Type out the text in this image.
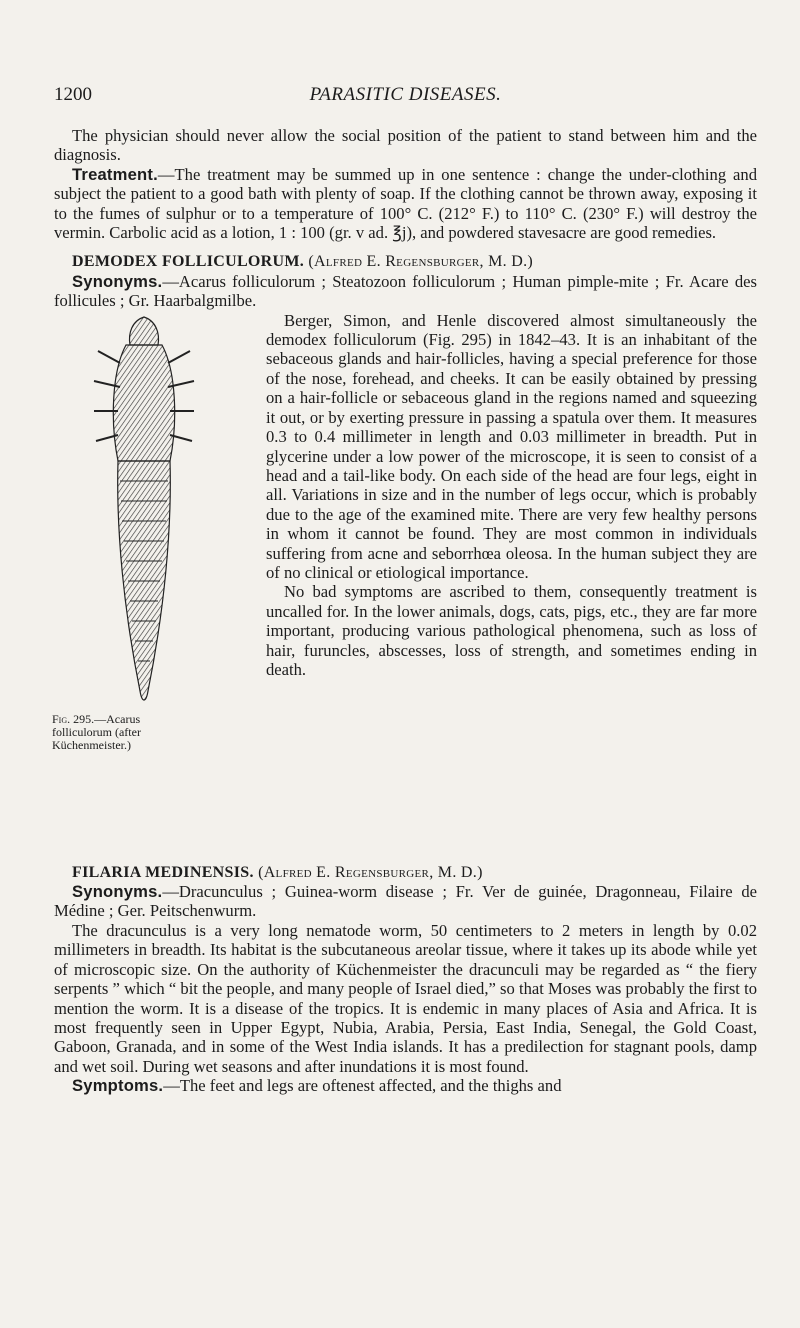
1200	PARASITIC DISEASES.

The physician should never allow the social position of the patient to stand between him and the diagnosis.

Treatment.—The treatment may be summed up in one sentence : change the under-clothing and subject the patient to a good bath with plenty of soap. If the clothing cannot be thrown away, exposing it to the fumes of sulphur or to a temperature of 100° C. (212° F.) to 110° C. (230° F.) will destroy the vermin. Carbolic acid as a lotion, 1 : 100 (gr. v ad. ℥j), and powdered stavesacre are good remedies.

DEMODEX FOLLICULORUM. (Alfred E. Regensburger, M. D.)

Synonyms.—Acarus folliculorum ; Steatozoon folliculorum ; Human pimple-mite ; Fr. Acare des follicules ; Gr. Haarbalgmilbe.

Fig. 295.—Acarus folliculorum (after Küchenmeister.)

Berger, Simon, and Henle discovered almost simultaneously the demodex folliculorum (Fig. 295) in 1842–43. It is an inhabitant of the sebaceous glands and hair-follicles, having a special preference for those of the nose, forehead, and cheeks. It can be easily obtained by pressing on a hair-follicle or sebaceous gland in the regions named and squeezing it out, or by exerting pressure in passing a spatula over them. It measures 0.3 to 0.4 millimeter in length and 0.03 millimeter in breadth. Put in glycerine under a low power of the microscope, it is seen to consist of a head and a tail-like body. On each side of the head are four legs, eight in all. Variations in size and in the number of legs occur, which is probably due to the age of the examined mite. There are very few healthy persons in whom it cannot be found. They are most common in individuals suffering from acne and seborrhœa oleosa. In the human subject they are of no clinical or etiological importance.

No bad symptoms are ascribed to them, consequently treatment is uncalled for. In the lower animals, dogs, cats, pigs, etc., they are far more important, producing various pathological phenomena, such as loss of hair, furuncles, abscesses, loss of strength, and sometimes ending in death.

FILARIA MEDINENSIS. (Alfred E. Regensburger, M. D.)

Synonyms.—Dracunculus ; Guinea-worm disease ; Fr. Ver de guinée, Dragonneau, Filaire de Médine ; Ger. Peitschenwurm.

The dracunculus is a very long nematode worm, 50 centimeters to 2 meters in length by 0.02 millimeters in breadth. Its habitat is the subcutaneous areolar tissue, where it takes up its abode while yet of microscopic size. On the authority of Küchenmeister the dracunculi may be regarded as “ the fiery serpents ” which “ bit the people, and many people of Israel died,” so that Moses was probably the first to mention the worm. It is a disease of the tropics. It is endemic in many places of Asia and Africa. It is most frequently seen in Upper Egypt, Nubia, Arabia, Persia, East India, Senegal, the Gold Coast, Gaboon, Granada, and in some of the West India islands. It has a predilection for stagnant pools, damp and wet soil. During wet seasons and after inundations it is most found.

Symptoms.—The feet and legs are oftenest affected, and the thighs and
